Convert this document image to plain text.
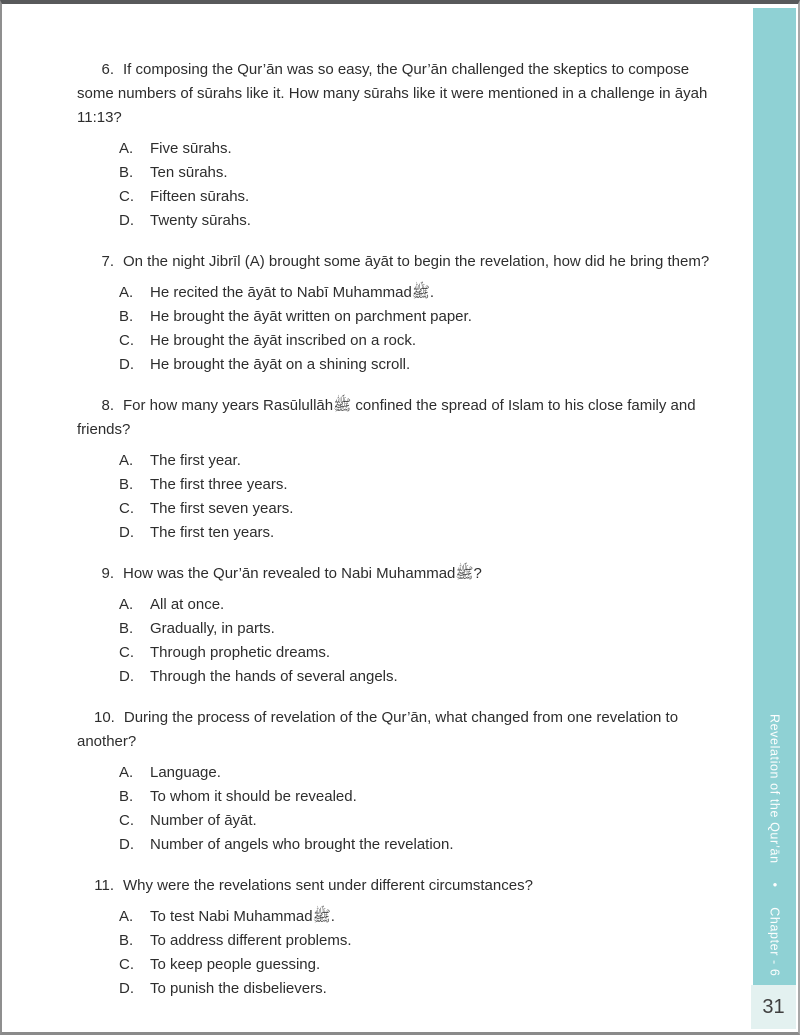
6. If composing the Qur’ān was so easy, the Qur’ān challenged the skeptics to compose some numbers of sūrahs like it. How many sūrahs like it were mentioned in a challenge in āyah 11:13?
A.	Five sūrahs.
B.	Ten sūrahs.
C.	Fifteen sūrahs.
D.	Twenty sūrahs.
7. On the night Jibrīl (A) brought some āyāt to begin the revelation, how did he bring them?
A.	He recited the āyāt to Nabī Muhammadﷺ.
B.	He brought the āyāt written on parchment paper.
C.	He brought the āyāt inscribed on a rock.
D.	He brought the āyāt on a shining scroll.
8. For how many years Rasūlullāhﷺ confined the spread of Islam to his close family and friends?
A.	The first year.
B.	The first three years.
C.	The first seven years.
D.	The first ten years.
9. How was the Qur’ān revealed to Nabi Muhammadﷺ?
A.	All at once.
B.	Gradually, in parts.
C.	Through prophetic dreams.
D.	Through the hands of several angels.
10. During the process of revelation of the Qur’ān, what changed from one revelation to another?
A.	Language.
B.	To whom it should be revealed.
C.	Number of āyāt.
D.	Number of angels who brought the revelation.
11. Why were the revelations sent under different circumstances?
A.	To test Nabi Muhammadﷺ.
B.	To address different problems.
C.	To keep people guessing.
D.	To punish the disbelievers.
Revelation of the Qur’ān●Chapter - 6
31
